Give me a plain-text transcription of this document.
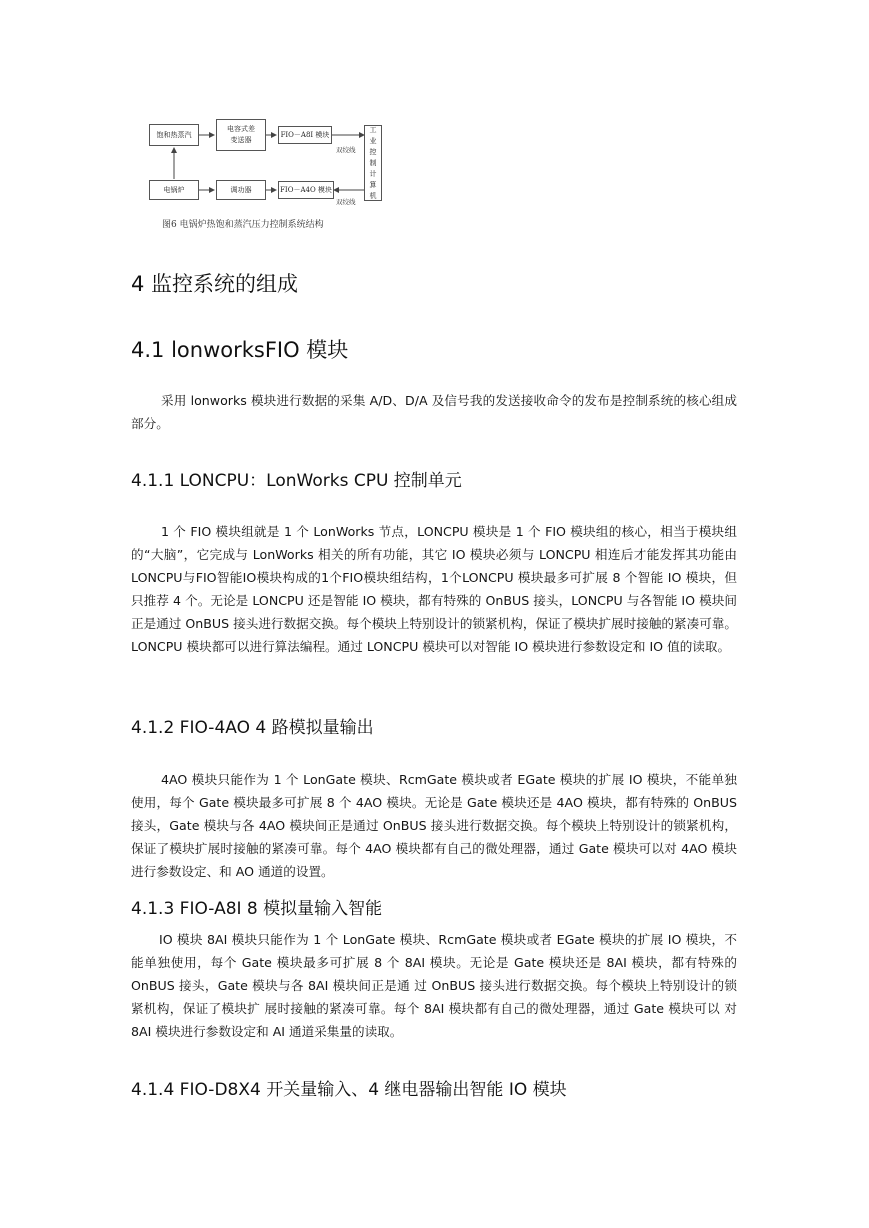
饱和热蒸汽
电容式差
变送器
FIO－A8I 模块
电锅炉	调功器	FIO－A4O 模块
工
业
控
制
计
算
机
双绞线
双绞线
图6 电锅炉热饱和蒸汽压力控制系统结构
4 监控系统的组成
4.1 lonworksFIO 模块

采用 lonworks 模块进行数据的采集 A/D、D/A 及信号我的发送接收命令的发布是控制系统的核心组成部分。

4.1.1 LONCPU：LonWorks CPU 控制单元

1 个 FIO 模块组就是 1 个 LonWorks 节点，LONCPU 模块是 1 个 FIO 模块组的核心，相当于模块组的“大脑”，它完成与 LonWorks 相关的所有功能，其它 IO 模块必须与 LONCPU 相连后才能发挥其功能由LONCPU与FIO智能IO模块构成的1个FIO模块组结构，1个LONCPU 模块最多可扩展 8 个智能 IO 模块，但只推荐 4 个。无论是 LONCPU 还是智能 IO 模块，都有特殊的 OnBUS 接头，LONCPU 与各智能 IO 模块间正是通过 OnBUS 接头进行数据交换。每个模块上特别设计的锁紧机构，保证了模块扩展时接触的紧凑可靠。LONCPU 模块都可以进行算法编程。通过 LONCPU 模块可以对智能 IO 模块进行参数设定和 IO 值的读取。

4.1.2 FIO-4AO 4 路模拟量输出

4AO 模块只能作为 1 个 LonGate 模块、RcmGate 模块或者 EGate 模块的扩展 IO 模块，不能单独使用，每个 Gate 模块最多可扩展 8 个 4AO 模块。无论是 Gate 模块还是 4AO 模块，都有特殊的 OnBUS 接头，Gate 模块与各 4AO 模块间正是通过 OnBUS 接头进行数据交换。每个模块上特别设计的锁紧机构，保证了模块扩展时接触的紧凑可靠。每个 4AO 模块都有自己的微处理器，通过 Gate 模块可以对 4AO 模块进行参数设定、和 AO 通道的设置。

4.1.3 FIO-A8I 8 模拟量输入智能

IO 模块 8AI 模块只能作为 1 个 LonGate 模块、RcmGate 模块或者 EGate 模块的扩展 IO 模块，不能单独使用，每个 Gate 模块最多可扩展 8 个 8AI 模块。无论是 Gate 模块还是 8AI 模块，都有特殊的 OnBUS 接头，Gate 模块与各 8AI 模块间正是通 过 OnBUS 接头进行数据交换。每个模块上特别设计的锁紧机构，保证了模块扩 展时接触的紧凑可靠。每个 8AI 模块都有自己的微处理器，通过 Gate 模块可以 对 8AI 模块进行参数设定和 AI 通道采集量的读取。

4.1.4 FIO-D8X4 开关量输入、4 继电器输出智能 IO 模块
